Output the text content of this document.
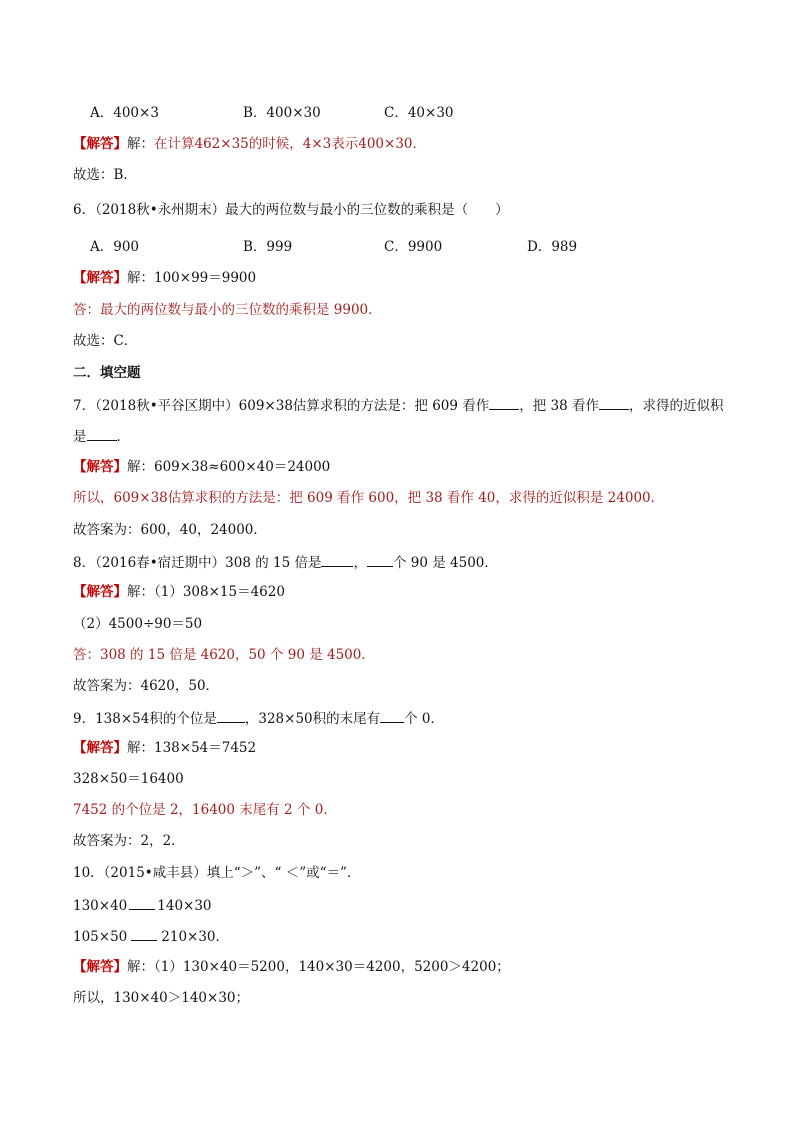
A．400×3	B．400×30	C．40×30
【解答】解：在计算462×35的时候，4×3表示400×30．
故选：B．
6．（2018秋•永州期末）最大的两位数与最小的三位数的乘积是（　　）
A．900	B．999	C．9900	D．989
【解答】解：100×99＝9900
答：最大的两位数与最小的三位数的乘积是 9900．
故选：C．
二．填空题
7．（2018秋•平谷区期中）609×38估算求积的方法是：把 609 看作 ，把 38 看作 ，求得的近似积
是 ．
【解答】解：609×38≈600×40＝24000
所以，609×38估算求积的方法是：把 609 看作 600，把 38 看作 40，求得的近似积是 24000．
故答案为：600，40，24000．
8．（2016春•宿迁期中）308 的 15 倍是 ， 个 90 是 4500．
【解答】解：（1）308×15＝4620
（2）4500÷90＝50
答：308 的 15 倍是 4620，50 个 90 是 4500．
故答案为：4620，50．
9．138×54积的个位是 ，328×50积的末尾有 个 0．
【解答】解：138×54＝7452
328×50＝16400
7452 的个位是 2，16400 末尾有 2 个 0．
故答案为：2，2．
10．（2015•咸丰县）填上“＞”、“ ＜”或“＝”．
130×40 140×30
105×50	210×30．
【解答】解：（1）130×40＝5200，140×30＝4200，5200＞4200；
所以，130×40＞140×30；
